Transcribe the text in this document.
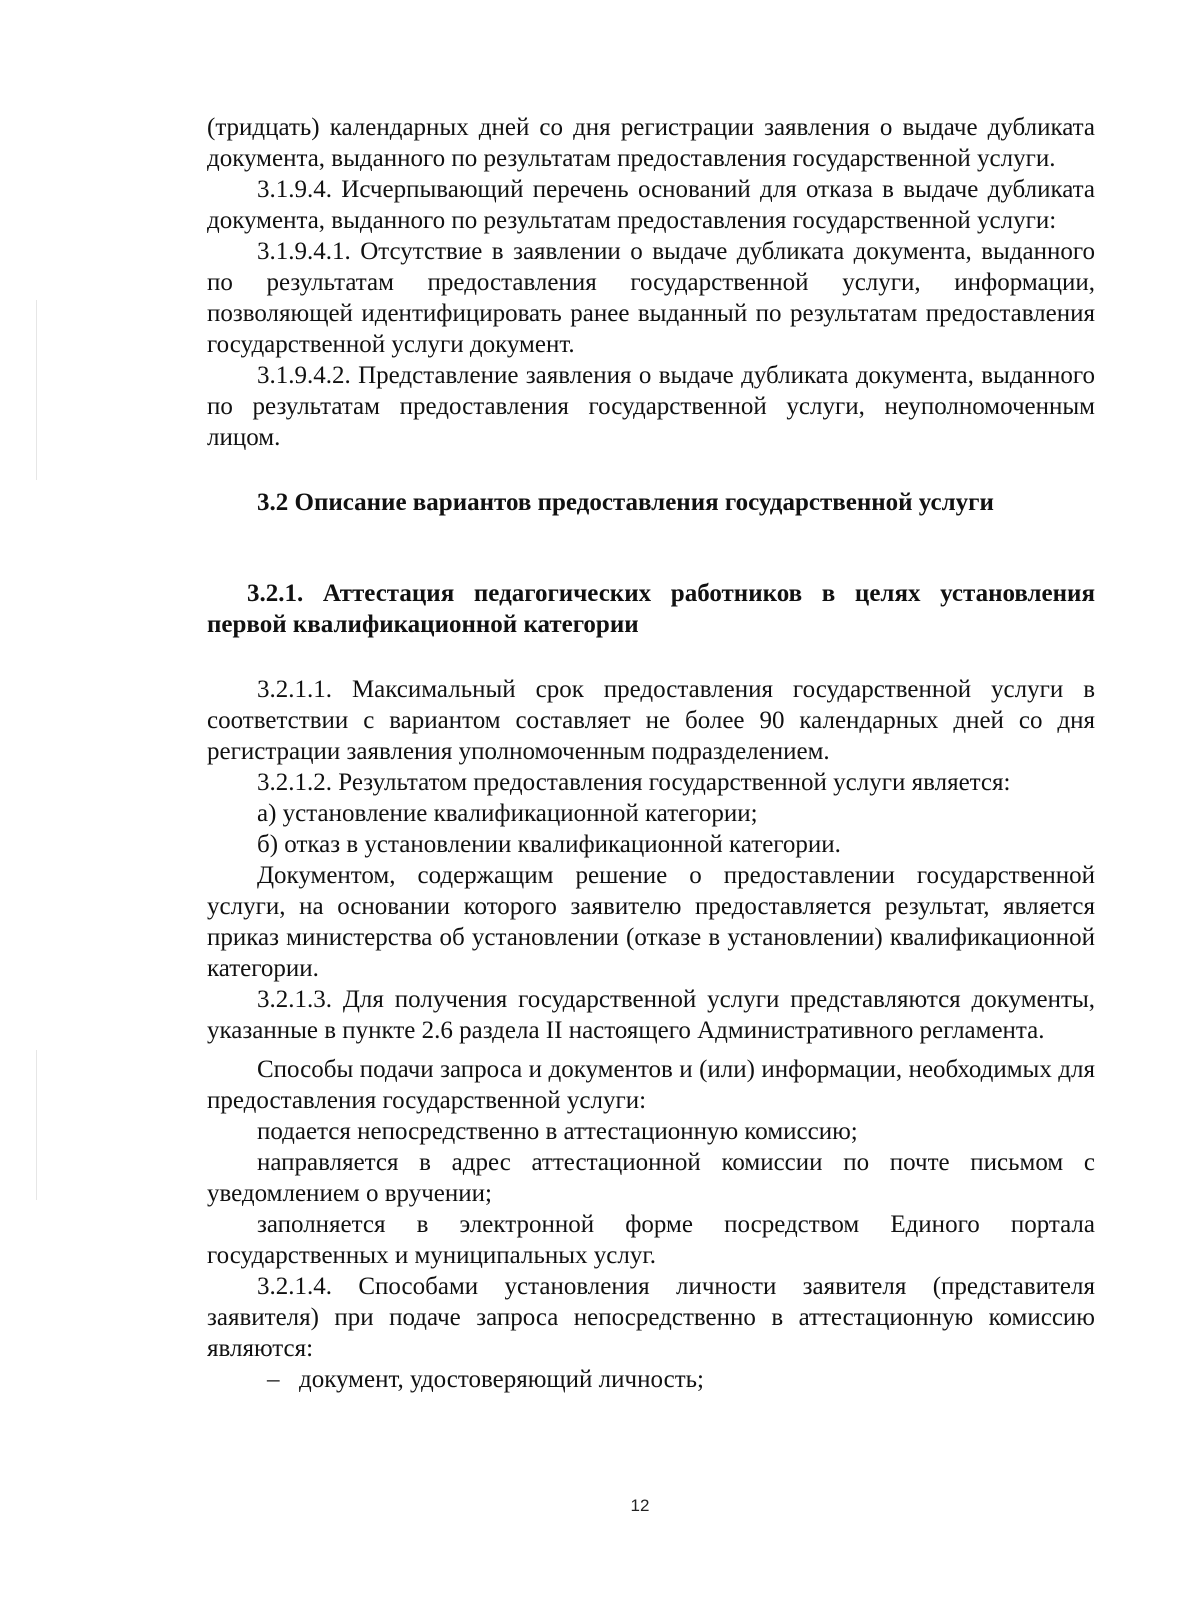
(тридцать) календарных дней со дня регистрации заявления о выдаче дубликата документа, выданного по результатам предоставления государственной услуги.

3.1.9.4. Исчерпывающий перечень оснований для отказа в выдаче дубликата документа, выданного по результатам предоставления государственной услуги:

3.1.9.4.1. Отсутствие в заявлении о выдаче дубликата документа, выданного по результатам предоставления государственной услуги, информации, позволяющей идентифицировать ранее выданный по результатам предоставления государственной услуги документ.

3.1.9.4.2. Представление заявления о выдаче дубликата документа, выданного по результатам предоставления государственной услуги, неуполномоченным лицом.

3.2 Описание вариантов предоставления государственной услуги

3.2.1. Аттестация педагогических работников в целях установления первой квалификационной категории

3.2.1.1. Максимальный срок предоставления государственной услуги в соответствии с вариантом составляет не более 90 календарных дней со дня регистрации заявления уполномоченным подразделением.

3.2.1.2. Результатом предоставления государственной услуги является:

а) установление квалификационной категории;

б) отказ в установлении квалификационной категории.

Документом, содержащим решение о предоставлении государственной услуги, на основании которого заявителю предоставляется результат, является приказ министерства об установлении (отказе в установлении) квалификационной категории.

3.2.1.3. Для получения государственной услуги представляются документы, указанные в пункте 2.6 раздела II настоящего Административного регламента.

Способы подачи запроса и документов и (или) информации, необходимых для предоставления государственной услуги:

подается непосредственно в аттестационную комиссию;

направляется в адрес аттестационной комиссии по почте письмом с уведомлением о вручении;

заполняется в электронной форме посредством Единого портала государственных и муниципальных услуг.

3.2.1.4. Способами установления личности заявителя (представителя заявителя) при подаче запроса непосредственно в аттестационную комиссию являются:

– документ, удостоверяющий личность;

12
